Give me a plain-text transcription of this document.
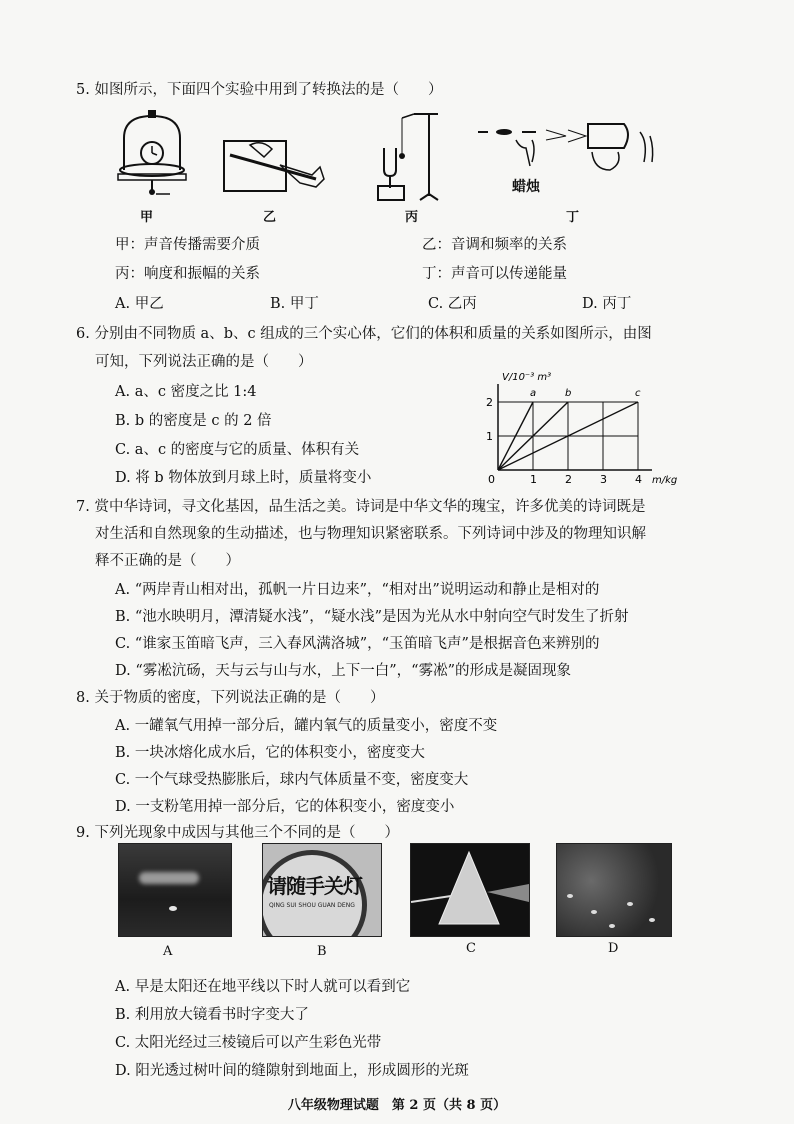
5. 如图所示，下面四个实验中用到了转换法的是（　　）
甲	乙	丙
蜡烛
丁
甲：声音传播需要介质	乙：音调和频率的关系
丙：响度和振幅的关系	丁：声音可以传递能量
A. 甲乙	B. 甲丁	C. 乙丙	D. 丙丁
6. 分别由不同物质 a、b、c 组成的三个实心体，它们的体积和质量的关系如图所示，由图
可知，下列说法正确的是（　　）
A. a、c 密度之比 1:4
B. b 的密度是 c 的 2 倍
C. a、c 的密度与它的质量、体积有关
D. 将 b 物体放到月球上时，质量将变小
a	b	c
V/10⁻³ m³
m/kg
0	1	2	3	4
1
2
7. 赏中华诗词，寻文化基因，品生活之美。诗词是中华文华的瑰宝，许多优美的诗词既是
对生活和自然现象的生动描述，也与物理知识紧密联系。下列诗词中涉及的物理知识解
释不正确的是（　　）
A. “两岸青山相对出，孤帆一片日边来”，“相对出”说明运动和静止是相对的
B. “池水映明月，潭清疑水浅”，“疑水浅”是因为光从水中射向空气时发生了折射
C. “谁家玉笛暗飞声，三入春风满洛城”，“玉笛暗飞声”是根据音色来辨别的
D. “雾凇沆砀，天与云与山与水，上下一白”，“雾凇”的形成是凝固现象
8. 关于物质的密度，下列说法正确的是（　　）
A. 一罐氧气用掉一部分后，罐内氧气的质量变小，密度不变
B. 一块冰熔化成水后，它的体积变小，密度变大
C. 一个气球受热膨胀后，球内气体质量不变，密度变大
D. 一支粉笔用掉一部分后，它的体积变小，密度变小
9. 下列光现象中成因与其他三个不同的是（　　）
A
请随手关灯
QING SUI SHOU GUAN DENG
B	C	D
A. 早是太阳还在地平线以下时人就可以看到它
B. 利用放大镜看书时字变大了
C. 太阳光经过三棱镜后可以产生彩色光带
D. 阳光透过树叶间的缝隙射到地面上，形成圆形的光斑
八年级物理试题　第 2 页（共 8 页）
